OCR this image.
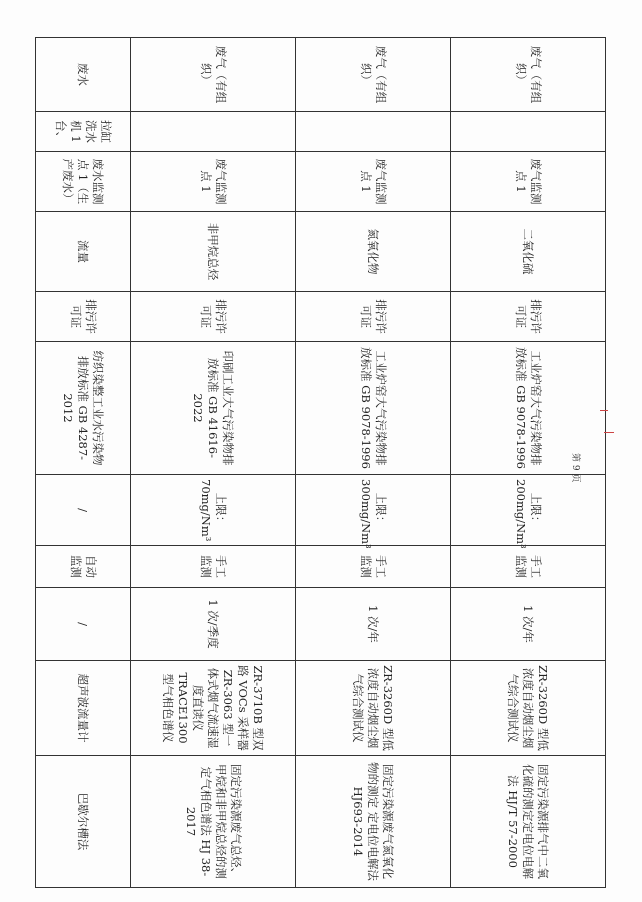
废气（有组织）		废气监测点 1	二氧化硫	排污许可证	工业炉窑大气污染物排放标准 GB 9078-1996	上限：200mg/Nm³	手工监测	1 次/年	ZR-3260D 型低浓度自动烟尘烟气综合测试仪	固定污染源排气中二氧化硫的测定定电位电解法 HJ/T 57-2000
废气（有组织）		废气监测点 1	氮氧化物	排污许可证	工业炉窑大气污染物排放标准 GB 9078-1996	上限：300mg/Nm³	手工监测	1 次/年	ZR-3260D 型低浓度自动烟尘烟气综合测试仪	固定污染源废气氮氧化物的测定 定电位电解法 HJ693-2014
废气（有组织）		废气监测点 1	非甲烷总烃	排污许可证	印刷工业大气污染物排放标准 GB 41616-2022	上限：70mg/Nm³	手工监测	1 次/季度	ZR-3710B 型双路 VOCs 采样器 ZR-3063 型一体式烟气流速湿度直读仪 TRACE1300 型气相色谱仪	固定污染源废气总烃、甲烷和非甲烷总烃的测定气相色谱法 HJ 38-2017
废水	拉缸洗水机 1 台、	废水监测点 1（生产废水）	流量	排污许可证	纺织染整工业水污染物排放标准 GB 4287-2012	/	自动监测	/	超声波流量计	巴歇尔槽法
第 9 页
